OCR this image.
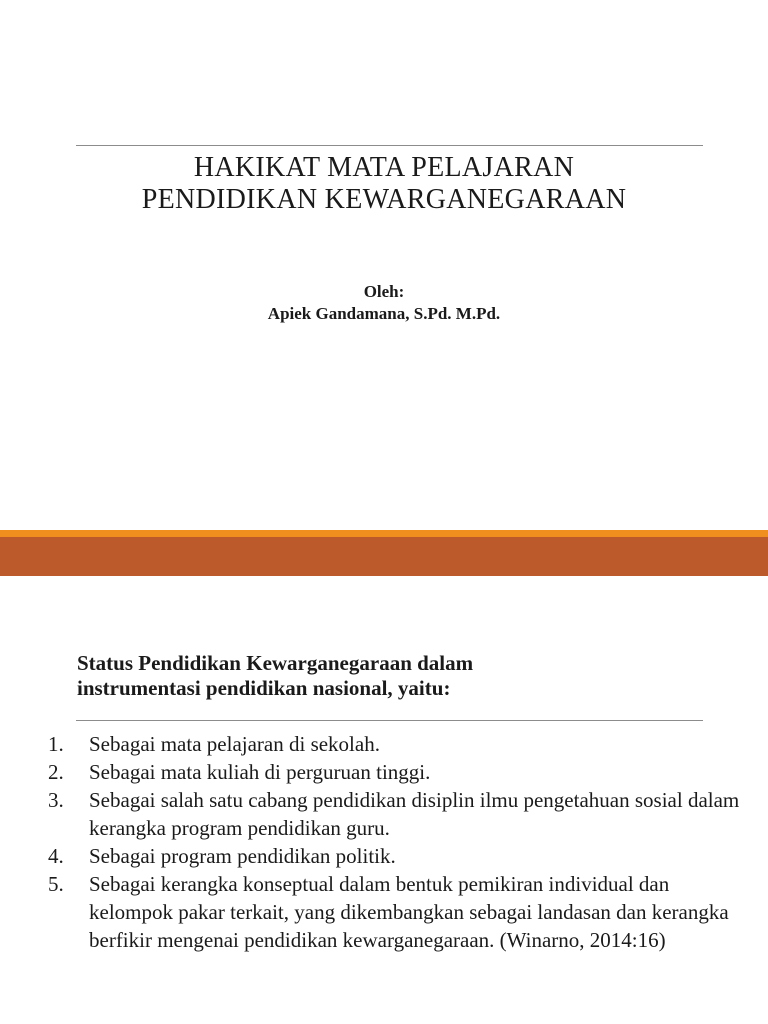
HAKIKAT MATA PELAJARAN
PENDIDIKAN KEWARGANEGARAAN
Oleh:
Apiek Gandamana, S.Pd. M.Pd.
Status Pendidikan Kewarganegaraan dalam
instrumentasi pendidikan nasional, yaitu:
1.	Sebagai mata pelajaran di sekolah.
2.	Sebagai mata kuliah di perguruan tinggi.
3.	Sebagai salah satu cabang pendidikan disiplin ilmu pengetahuan sosial dalam kerangka program pendidikan guru.
4.	Sebagai program pendidikan politik.
5.	Sebagai kerangka konseptual dalam bentuk pemikiran individual dan kelompok pakar terkait, yang dikembangkan sebagai landasan dan kerangka berfikir mengenai pendidikan kewarganegaraan. (Winarno, 2014:16)
